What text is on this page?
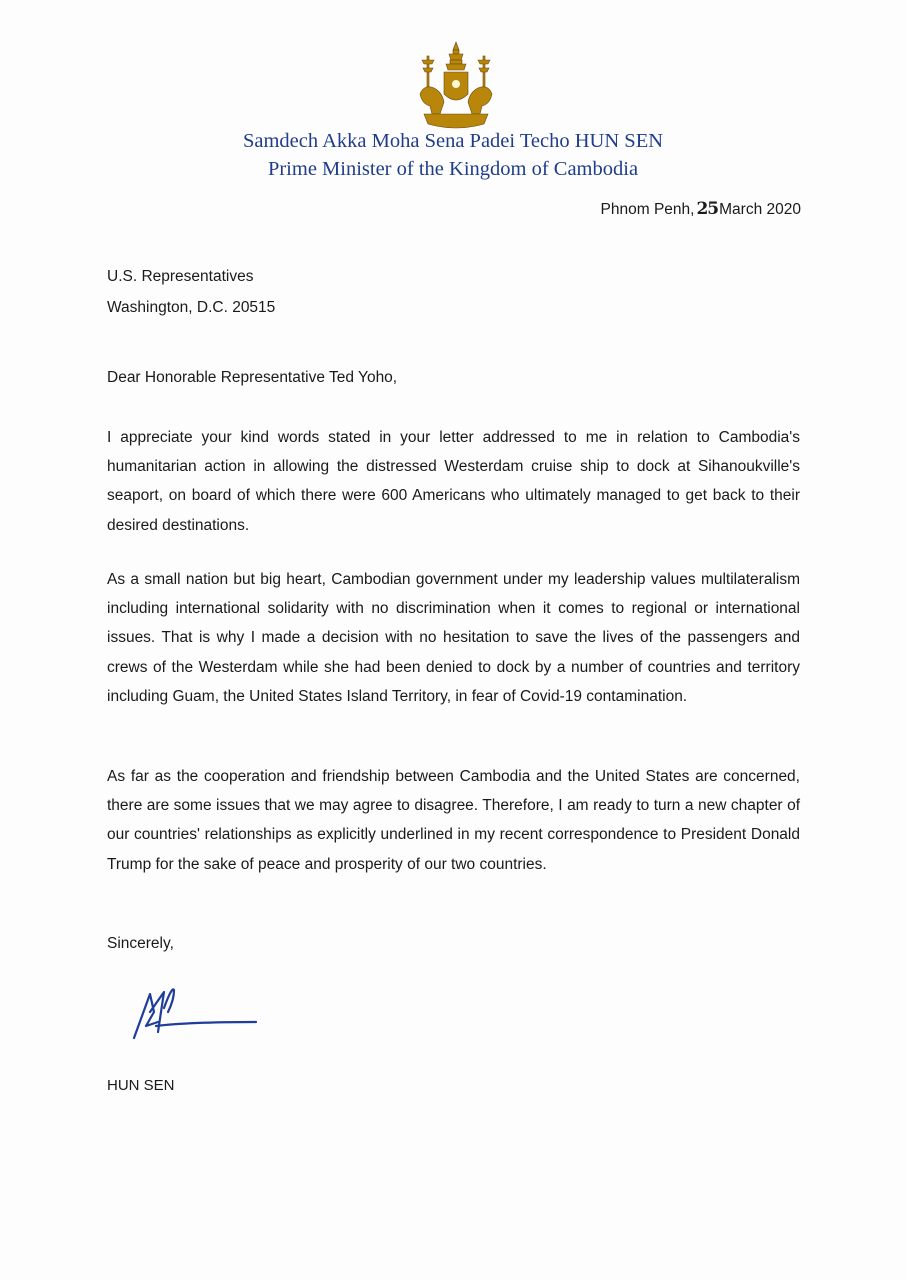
Samdech Akka Moha Sena Padei Techo HUN SEN
Prime Minister of the Kingdom of Cambodia
Phnom Penh, 25March 2020
U.S. Representatives
Washington, D.C. 20515
Dear Honorable Representative Ted Yoho,

I appreciate your kind words stated in your letter addressed to me in relation to Cambodia's humanitarian action in allowing the distressed Westerdam cruise ship to dock at Sihanoukville's seaport, on board of which there were 600 Americans who ultimately managed to get back to their desired destinations.

As a small nation but big heart, Cambodian government under my leadership values multilateralism including international solidarity with no discrimination when it comes to regional or international issues. That is why I made a decision with no hesitation to save the lives of the passengers and crews of the Westerdam while she had been denied to dock by a number of countries and territory including Guam, the United States Island Territory, in fear of Covid-19 contamination.

As far as the cooperation and friendship between Cambodia and the United States are concerned, there are some issues that we may agree to disagree. Therefore, I am ready to turn a new chapter of our countries' relationships as explicitly underlined in my recent correspondence to President Donald Trump for the sake of peace and prosperity of our two countries.

Sincerely,
HUN SEN
